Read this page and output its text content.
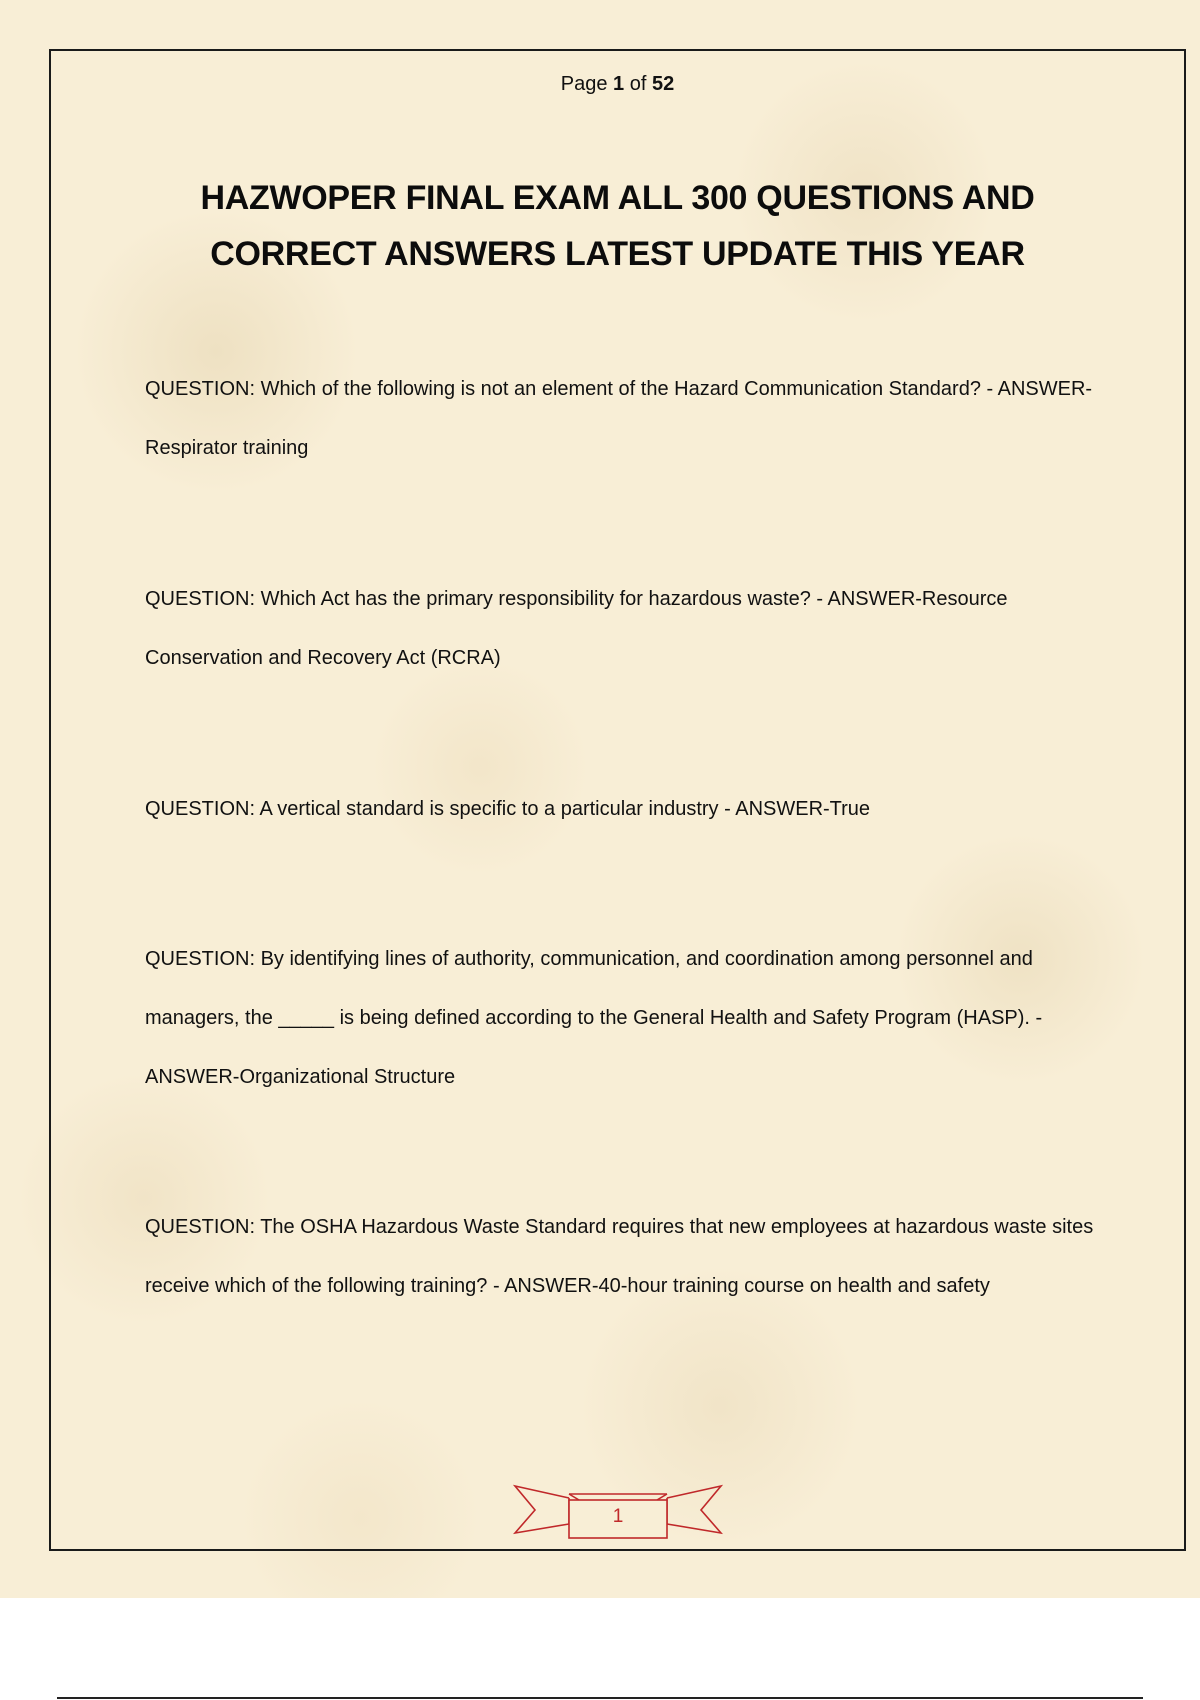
Page 1 of 52
HAZWOPER FINAL EXAM ALL 300 QUESTIONS AND
CORRECT ANSWERS LATEST UPDATE THIS YEAR
QUESTION: Which of the following is not an element of the Hazard Communication Standard? - ANSWER-Respirator training
QUESTION: Which Act has the primary responsibility for hazardous waste? - ANSWER-Resource Conservation and Recovery Act (RCRA)
QUESTION: A vertical standard is specific to a particular industry - ANSWER-True
QUESTION: By identifying lines of authority, communication, and coordination among personnel and managers, the _____ is being defined according to the General Health and Safety Program (HASP). - ANSWER-Organizational Structure
QUESTION: The OSHA Hazardous Waste Standard requires that new employees at hazardous waste sites receive which of the following training? - ANSWER-40-hour training course on health and safety
1
